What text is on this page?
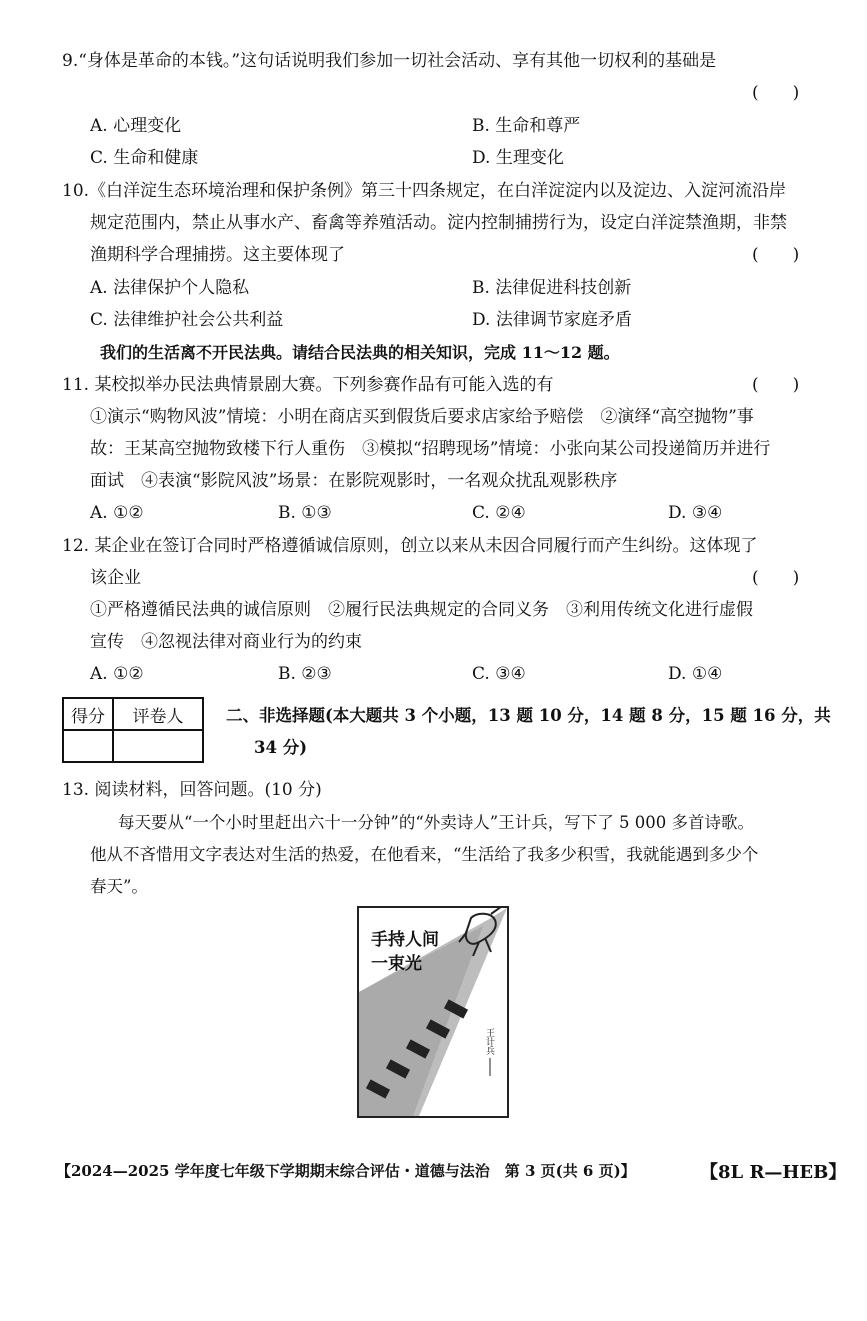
9.“身体是革命的本钱。”这句话说明我们参加一切社会活动、享有其他一切权利的基础是
(　　)
A. 心理变化	B. 生命和尊严
C. 生命和健康	D. 生理变化
10.《白洋淀生态环境治理和保护条例》第三十四条规定，在白洋淀淀内以及淀边、入淀河流沿岸
规定范围内，禁止从事水产、畜禽等养殖活动。淀内控制捕捞行为，设定白洋淀禁渔期，非禁
渔期科学合理捕捞。这主要体现了	(　　)
A. 法律保护个人隐私	B. 法律促进科技创新
C. 法律维护社会公共利益	D. 法律调节家庭矛盾
我们的生活离不开民法典。请结合民法典的相关知识，完成 11～12 题。
11. 某校拟举办民法典情景剧大赛。下列参赛作品有可能入选的有	(　　)
①演示“购物风波”情境：小明在商店买到假货后要求店家给予赔偿　②演绎“高空抛物”事
故：王某高空抛物致楼下行人重伤　③模拟“招聘现场”情境：小张向某公司投递简历并进行
面试　④表演“影院风波”场景：在影院观影时，一名观众扰乱观影秩序
A. ①②	B. ①③	C. ②④	D. ③④
12. 某企业在签订合同时严格遵循诚信原则，创立以来从未因合同履行而产生纠纷。这体现了
该企业	(　　)
①严格遵循民法典的诚信原则　②履行民法典规定的合同义务　③利用传统文化进行虚假
宣传　④忽视法律对商业行为的约束
A. ①②	B. ②③	C. ③④	D. ①④
得分	评卷人
		二、非选择题(本大题共 3 个小题，13 题 10 分，14 题 8 分，15 题 16 分，共
34 分)
13. 阅读材料，回答问题。(10 分)
每天要从“一个小时里赶出六十一分钟”的“外卖诗人”王计兵，写下了 5 000 多首诗歌。
他从不吝惜用文字表达对生活的热爱，在他看来，“生活给了我多少积雪，我就能遇到多少个
春天”。
手持人间
一束光
王计兵
【2024—2025 学年度七年级下学期期末综合评估・道德与法治　第 3 页(共 6 页)】	【8L R—HEB】
